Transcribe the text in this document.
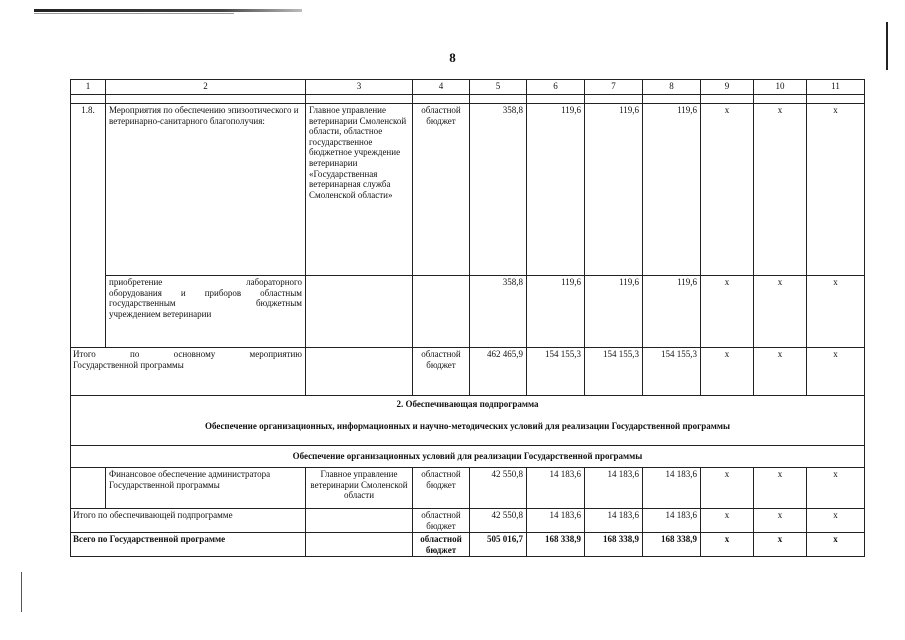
8
1	2	3	4	5	6	7	8	9	10	11

1.8.	Мероприятия по обеспечению эпизоотического и ветеринарно-санитарного благополучия:	Главное управление ветеринарии Смоленской области, областное государственное бюджетное учреждение ветеринарии «Государственная ветеринарная служба Смоленской области»	областной бюджет	358,8	119,6	119,6	119,6	x	x	x

	приобретение лабораторного
оборудования и приборов областным
государственным бюджетным
учреждением ветеринарии			358,8	119,6	119,6	119,6	x	x	x

Итого по основному мероприятию
Государственной программы			областной бюджет	462 465,9	154 155,3	154 155,3	154 155,3	x	x	x

2. Обеспечивающая подпрограмма
Обеспечение организационных, информационных и научно-методических условий для реализации Государственной программы										

Обеспечение организационных условий для реализации Государственной программы										
	Финансовое обеспечение администратора Государственной программы	Главное управление ветеринарии Смоленской области	областной бюджет	42 550,8	14 183,6	14 183,6	14 183,6	x	x	x
Итого по обеспечивающей подпрограмме			областной бюджет	42 550,8	14 183,6	14 183,6	14 183,6	x	x	x
Всего по Государственной программе			областной бюджет	505 016,7	168 338,9	168 338,9	168 338,9	x	x	x
